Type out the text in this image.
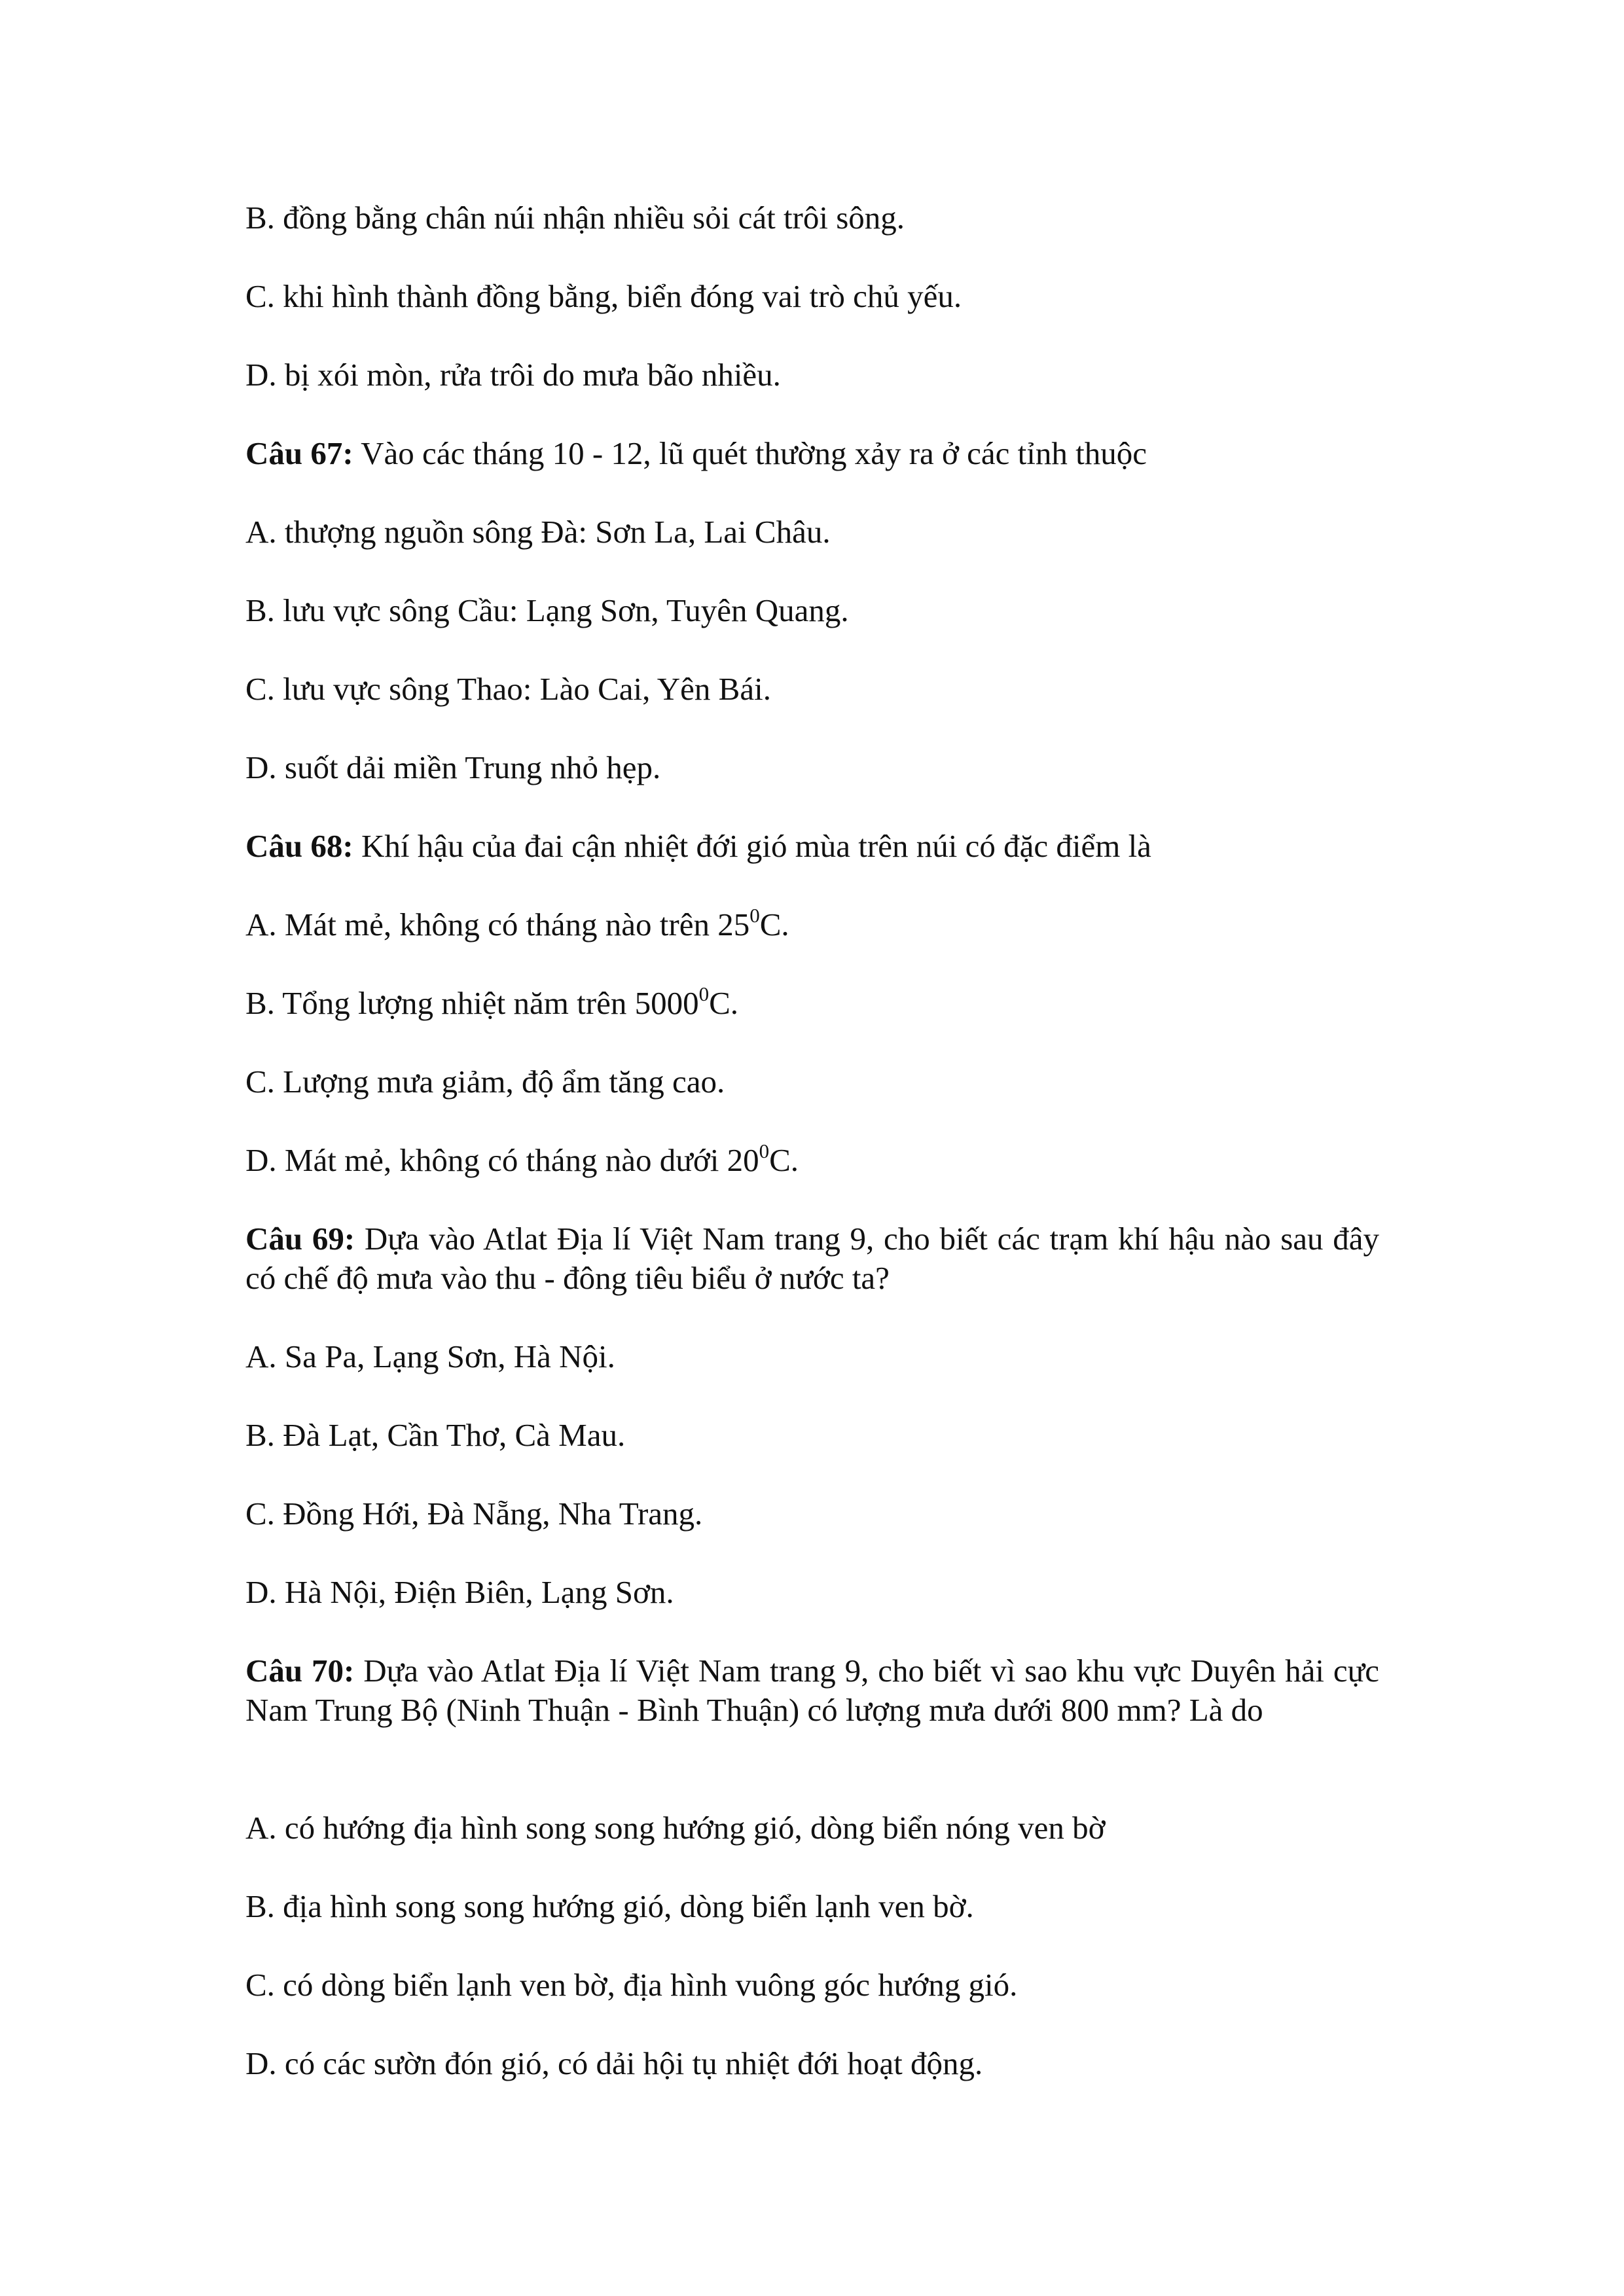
B. đồng bằng chân núi nhận nhiều sỏi cát trôi sông.
C. khi hình thành đồng bằng, biển đóng vai trò chủ yếu.
D. bị xói mòn, rửa trôi do mưa bão nhiều.
Câu 67: Vào các tháng 10 - 12, lũ quét thường xảy ra ở các tỉnh thuộc
A. thượng nguồn sông Đà: Sơn La, Lai Châu.
B. lưu vực sông Cầu: Lạng Sơn, Tuyên Quang.
C. lưu vực sông Thao: Lào Cai, Yên Bái.
D. suốt dải miền Trung nhỏ hẹp.
Câu 68: Khí hậu của đai cận nhiệt đới gió mùa trên núi có đặc điểm là
A. Mát mẻ, không có tháng nào trên $25^0C$.
B. Tổng lượng nhiệt năm trên 5000$^0$C.
C. Lượng mưa giảm, độ ẩm tăng cao.
D. Mát mẻ, không có tháng nào dưới $20^0C$.
Câu 69: Dựa vào Atlat Địa lí Việt Nam trang 9, cho biết các trạm khí hậu nào sau đây có chế độ mưa vào thu - đông tiêu biểu ở nước ta?
A. Sa Pa, Lạng Sơn, Hà Nội.
B. Đà Lạt, Cần Thơ, Cà Mau.
C. Đồng Hới, Đà Nẵng, Nha Trang.
D. Hà Nội, Điện Biên, Lạng Sơn.
Câu 70: Dựa vào Atlat Địa lí Việt Nam trang 9, cho biết vì sao khu vực Duyên hải cực Nam Trung Bộ (Ninh Thuận - Bình Thuận) có lượng mưa dưới 800 mm? Là do
A. có hướng địa hình song song hướng gió, dòng biển nóng ven bờ
B. địa hình song song hướng gió, dòng biển lạnh ven bờ.
C. có dòng biển lạnh ven bờ, địa hình vuông góc hướng gió.
D. có các sườn đón gió, có dải hội tụ nhiệt đới hoạt động.
